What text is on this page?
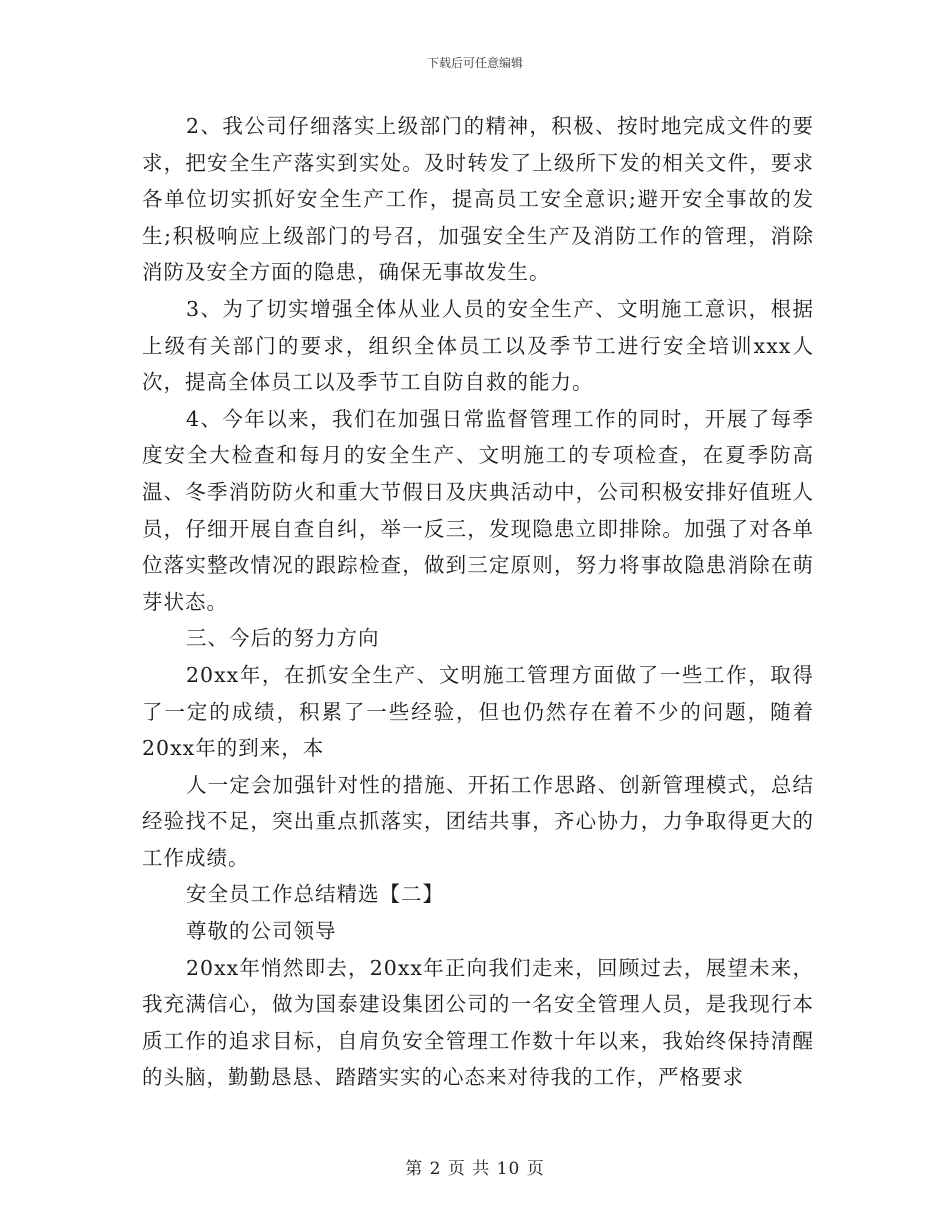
下载后可任意编辑

2、我公司仔细落实上级部门的精神，积极、按时地完成文件的要求，把安全生产落实到实处。及时转发了上级所下发的相关文件，要求各单位切实抓好安全生产工作，提高员工安全意识;避开安全事故的发生;积极响应上级部门的号召，加强安全生产及消防工作的管理，消除消防及安全方面的隐患，确保无事故发生。

3、为了切实增强全体从业人员的安全生产、文明施工意识，根据上级有关部门的要求，组织全体员工以及季节工进行安全培训xxx人次，提高全体员工以及季节工自防自救的能力。

4、今年以来，我们在加强日常监督管理工作的同时，开展了每季度安全大检查和每月的安全生产、文明施工的专项检查，在夏季防高温、冬季消防防火和重大节假日及庆典活动中，公司积极安排好值班人员，仔细开展自查自纠，举一反三，发现隐患立即排除。加强了对各单位落实整改情况的跟踪检查，做到三定原则，努力将事故隐患消除在萌芽状态。

三、今后的努力方向

20xx年，在抓安全生产、文明施工管理方面做了一些工作，取得了一定的成绩，积累了一些经验，但也仍然存在着不少的问题，随着20xx年的到来，本

人一定会加强针对性的措施、开拓工作思路、创新管理模式，总结经验找不足，突出重点抓落实，团结共事，齐心协力，力争取得更大的工作成绩。

安全员工作总结精选【二】

尊敬的公司领导

20xx年悄然即去，20xx年正向我们走来，回顾过去，展望未来，我充满信心，做为国泰建设集团公司的一名安全管理人员，是我现行本质工作的追求目标，自肩负安全管理工作数十年以来，我始终保持清醒的头脑，勤勤恳恳、踏踏实实的心态来对待我的工作，严格要求

第 2 页 共 10 页
